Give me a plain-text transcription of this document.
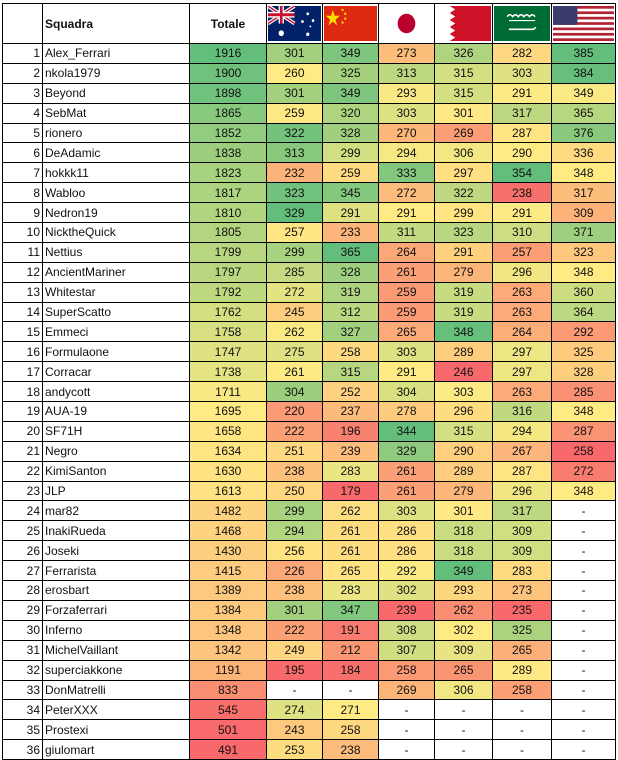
	Squadra	Totale	

1	Alex_Ferrari	1916	301	349	273	326	282	385
2	nkola1979	1900	260	325	313	315	303	384
3	Beyond	1898	301	349	293	315	291	349
4	SebMat	1865	259	320	303	301	317	365
5	rionero	1852	322	328	270	269	287	376
6	DeAdamic	1838	313	299	294	306	290	336
7	hokkk11	1823	232	259	333	297	354	348
8	Wabloo	1817	323	345	272	322	238	317
9	Nedron19	1810	329	291	291	299	291	309
10	NicktheQuick	1805	257	233	311	323	310	371
11	Nettius	1799	299	365	264	291	257	323
12	AncientMariner	1797	285	328	261	279	296	348
13	Whitestar	1792	272	319	259	319	263	360
14	SuperScatto	1762	245	312	259	319	263	364
15	Emmeci	1758	262	327	265	348	264	292
16	Formulaone	1747	275	258	303	289	297	325
17	Corracar	1738	261	315	291	246	297	328
18	andycott	1711	304	252	304	303	263	285
19	AUA-19	1695	220	237	278	296	316	348
20	SF71H	1658	222	196	344	315	294	287
21	Negro	1634	251	239	329	290	267	258
22	KimiSanton	1630	238	283	261	289	287	272
23	JLP	1613	250	179	261	279	296	348
24	mar82	1482	299	262	303	301	317	-
25	InakiRueda	1468	294	261	286	318	309	-
26	Joseki	1430	256	261	286	318	309	-
27	Ferrarista	1415	226	265	292	349	283	-
28	erosbart	1389	238	283	302	293	273	-
29	Forzaferrari	1384	301	347	239	262	235	-
30	Inferno	1348	222	191	308	302	325	-
31	MichelVaillant	1342	249	212	307	309	265	-
32	superciakkone	1191	195	184	258	265	289	-
33	DonMatrelli	833	-	-	269	306	258	-
34	PeterXXX	545	274	271	-	-	-	-
35	Prostexi	501	243	258	-	-	-	-
36	giulomart	491	253	238	-	-	-	-
